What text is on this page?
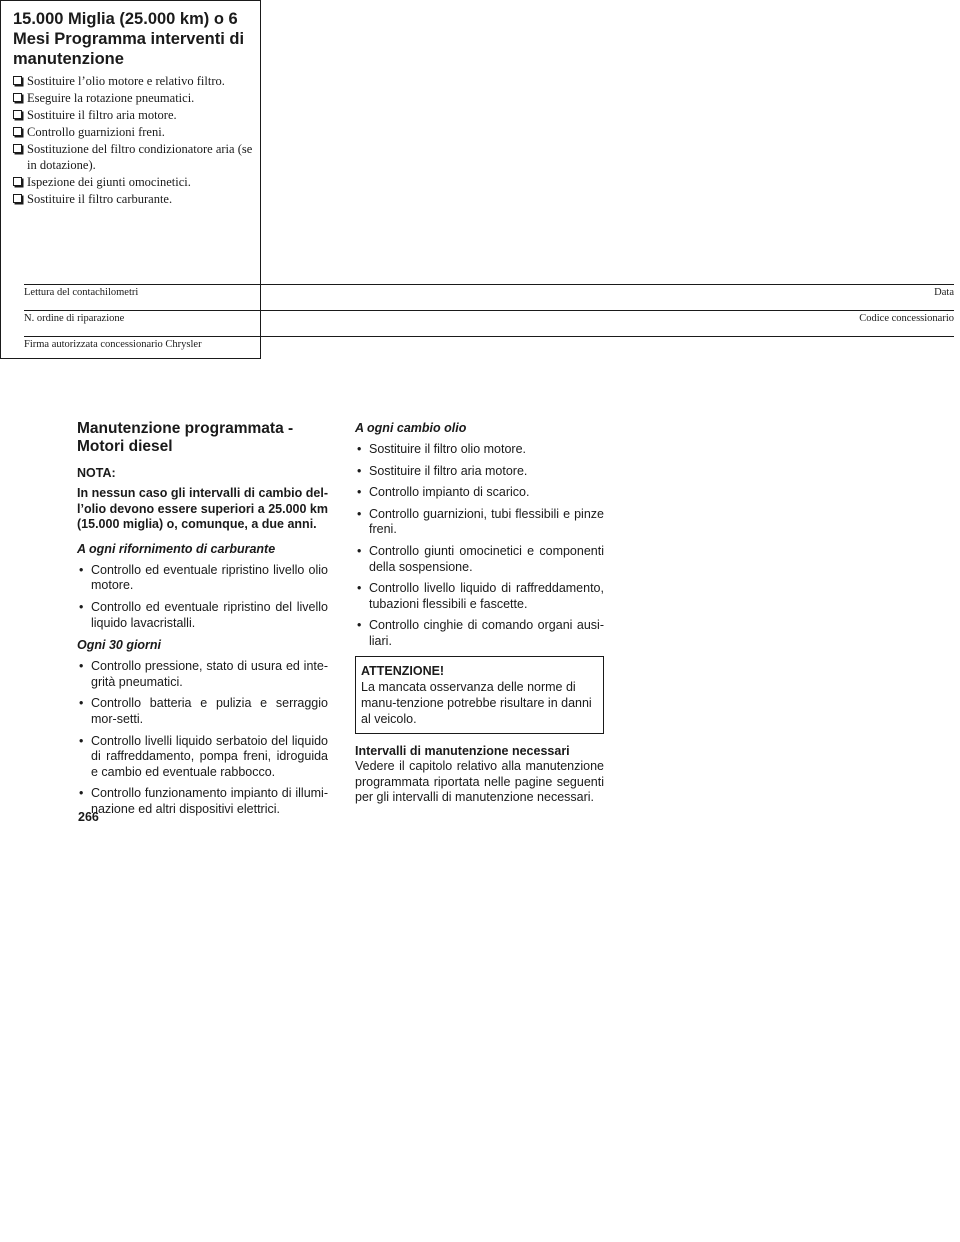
Manutenzione programmata - Motori diesel
NOTA:
In nessun caso gli intervalli di cambio del-l’olio devono essere superiori a 25.000 km (15.000 miglia) o, comunque, a due anni.
A ogni rifornimento di carburante
• Controllo ed eventuale ripristino livello olio motore.
• Controllo ed eventuale ripristino del livello liquido lavacristalli.
Ogni 30 giorni
• Controllo pressione, stato di usura ed inte-grità pneumatici.
• Controllo batteria e pulizia e serraggio mor-setti.
• Controllo livelli liquido serbatoio del liquido di raffreddamento, pompa freni, idroguida e cambio ed eventuale rabbocco.
• Controllo funzionamento impianto di illumi-nazione ed altri dispositivi elettrici.
A ogni cambio olio
• Sostituire il filtro olio motore.
• Sostituire il filtro aria motore.
• Controllo impianto di scarico.
• Controllo guarnizioni, tubi flessibili e pinze freni.
• Controllo giunti omocinetici e componenti della sospensione.
• Controllo livello liquido di raffreddamento, tubazioni flessibili e fascette.
• Controllo cinghie di comando organi ausi-liari.
ATTENZIONE!
La mancata osservanza delle norme di manu-tenzione potrebbe risultare in danni al veicolo.
Intervalli di manutenzione necessari
Vedere il capitolo relativo alla manutenzione programmata riportata nelle pagine seguenti per gli intervalli di manutenzione necessari.
15.000 Miglia (25.000 km) o 6 Mesi Programma interventi di manutenzione
Sostituire l’olio motore e relativo filtro.
Eseguire la rotazione pneumatici.
Sostituire il filtro aria motore.
Controllo guarnizioni freni.
Sostituzione del filtro condizionatore aria (se in dotazione).
Ispezione dei giunti omocinetici.
Sostituire il filtro carburante.
Lettura del contachilometri	Data
N. ordine di riparazione	Codice concessionario
Firma autorizzata concessionario Chrysler
266
